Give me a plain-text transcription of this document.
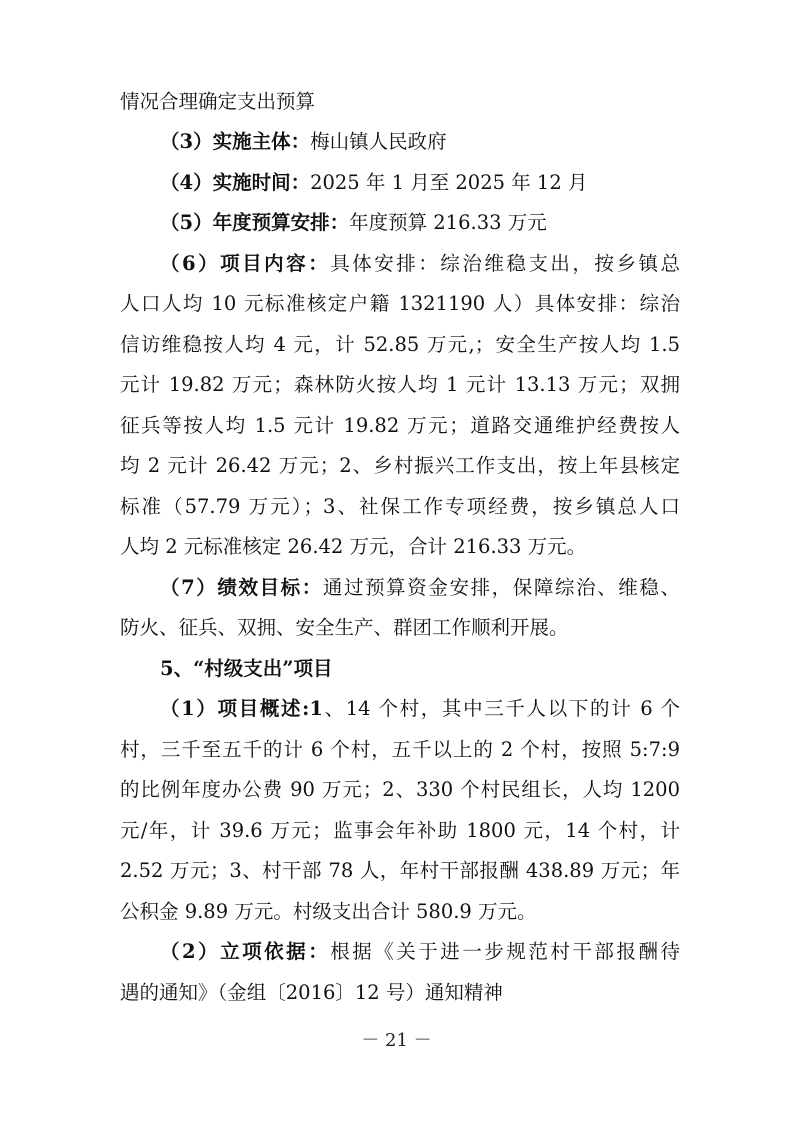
情况合理确定支出预算
（3）实施主体：梅山镇人民政府
（4）实施时间：2025 年 1 月至 2025 年 12 月
（5）年度预算安排：年度预算 216.33 万元
（6）项目内容：具体安排：综治维稳支出，按乡镇总
人口人均 10 元标准核定户籍 1321190 人）具体安排：综治
信访维稳按人均 4 元，计 52.85 万元,；安全生产按人均 1.5
元计 19.82 万元；森林防火按人均 1 元计 13.13 万元；双拥
征兵等按人均 1.5 元计 19.82 万元；道路交通维护经费按人
均 2 元计 26.42 万元；2、乡村振兴工作支出，按上年县核定
标准（57.79 万元）；3、社保工作专项经费，按乡镇总人口
人均 2 元标准核定 26.42 万元，合计 216.33 万元。
（7）绩效目标：通过预算资金安排，保障综治、维稳、
防火、征兵、双拥、安全生产、群团工作顺利开展。
5、“村级支出”项目
（1）项目概述:1、14 个村，其中三千人以下的计 6 个
村，三千至五千的计 6 个村，五千以上的 2 个村，按照 5:7:9
的比例年度办公费 90 万元；2、330 个村民组长，人均 1200
元/年，计 39.6 万元；监事会年补助 1800 元，14 个村，计
2.52 万元；3、村干部 78 人，年村干部报酬 438.89 万元；年
公积金 9.89 万元。村级支出合计 580.9 万元。
（2）立项依据：根据《关于进一步规范村干部报酬待
遇的通知》（金组〔2016〕12 号）通知精神
－ 21 －
